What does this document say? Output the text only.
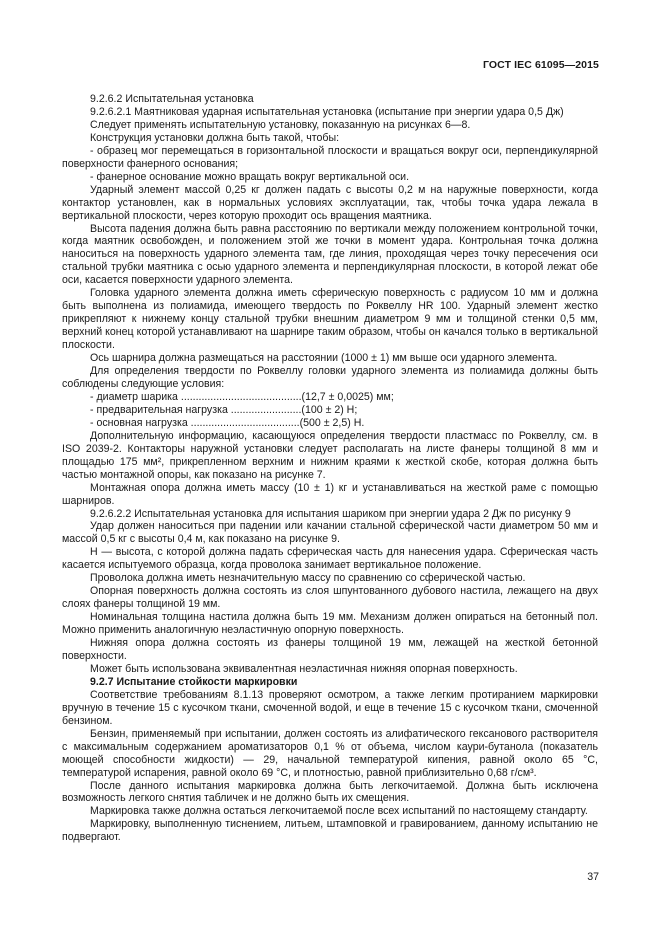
ГОСТ IEC 61095—2015

9.2.6.2 Испытательная установка

9.2.6.2.1 Маятниковая ударная испытательная установка (испытание при энергии удара 0,5 Дж)

Следует применять испытательную установку, показанную на рисунках 6—8.

Конструкция установки должна быть такой, чтобы:

- образец мог перемещаться в горизонтальной плоскости и вращаться вокруг оси, перпендикулярной поверхности фанерного основания;

- фанерное основание можно вращать вокруг вертикальной оси.

Ударный элемент массой 0,25 кг должен падать с высоты 0,2 м на наружные поверхности, когда контактор установлен, как в нормальных условиях эксплуатации, так, чтобы точка удара лежала в вертикальной плоскости, через которую проходит ось вращения маятника.

Высота падения должна быть равна расстоянию по вертикали между положением контрольной точки, когда маятник освобожден, и положением этой же точки в момент удара. Контрольная точка должна наноситься на поверхность ударного элемента там, где линия, проходящая через точку пересечения оси стальной трубки маятника с осью ударного элемента и перпендикулярная плоскости, в которой лежат обе оси, касается поверхности ударного элемента.

Головка ударного элемента должна иметь сферическую поверхность с радиусом 10 мм и должна быть выполнена из полиамида, имеющего твердость по Роквеллу HR 100. Ударный элемент жестко прикрепляют к нижнему концу стальной трубки внешним диаметром 9 мм и толщиной стенки 0,5 мм, верхний конец которой устанавливают на шарнире таким образом, чтобы он качался только в вертикальной плоскости.

Ось шарнира должна размещаться на расстоянии (1000 ± 1) мм выше оси ударного элемента.

Для определения твердости по Роквеллу головки ударного элемента из полиамида должны быть соблюдены следующие условия:

- диаметр шарика .........................................(12,7 ± 0,0025) мм;

- предварительная нагрузка ........................(100 ± 2) Н;

- основная нагрузка .....................................(500 ± 2,5) Н.

Дополнительную информацию, касающуюся определения твердости пластмасс по Роквеллу, см. в ISO 2039-2. Контакторы наружной установки следует располагать на листе фанеры толщиной 8 мм и площадью 175 мм², прикрепленном верхним и нижним краями к жесткой скобе, которая должна быть частью монтажной опоры, как показано на рисунке 7.

Монтажная опора должна иметь массу (10 ± 1) кг и устанавливаться на жесткой раме с помощью шарниров.

9.2.6.2.2 Испытательная установка для испытания шариком при энергии удара 2 Дж по рисунку 9

Удар должен наноситься при падении или качании стальной сферической части диаметром 50 мм и массой 0,5 кг с высоты 0,4 м, как показано на рисунке 9.

Н — высота, с которой должна падать сферическая часть для нанесения удара. Сферическая часть касается испытуемого образца, когда проволока занимает вертикальное положение.

Проволока должна иметь незначительную массу по сравнению со сферической частью.

Опорная поверхность должна состоять из слоя шпунтованного дубового настила, лежащего на двух слоях фанеры толщиной 19 мм.

Номинальная толщина настила должна быть 19 мм. Механизм должен опираться на бетонный пол. Можно применить аналогичную неэластичную опорную поверхность.

Нижняя опора должна состоять из фанеры толщиной 19 мм, лежащей на жесткой бетонной поверхности.

Может быть использована эквивалентная неэластичная нижняя опорная поверхность.

9.2.7 Испытание стойкости маркировки

Соответствие требованиям 8.1.13 проверяют осмотром, а также легким протиранием маркировки вручную в течение 15 с кусочком ткани, смоченной водой, и еще в течение 15 с кусочком ткани, смоченной бензином.

Бензин, применяемый при испытании, должен состоять из алифатического гексанового растворителя с максимальным содержанием ароматизаторов 0,1 % от объема, числом каури-бутанола (показатель моющей способности жидкости) — 29, начальной температурой кипения, равной около 65 °С, температурой испарения, равной около 69 °С, и плотностью, равной приблизительно 0,68 г/см³.

После данного испытания маркировка должна быть легкочитаемой. Должна быть исключена возможность легкого снятия табличек и не должно быть их смещения.

Маркировка также должна остаться легкочитаемой после всех испытаний по настоящему стандарту.

Маркировку, выполненную тиснением, литьем, штамповкой и гравированием, данному испытанию не подвергают.

37
